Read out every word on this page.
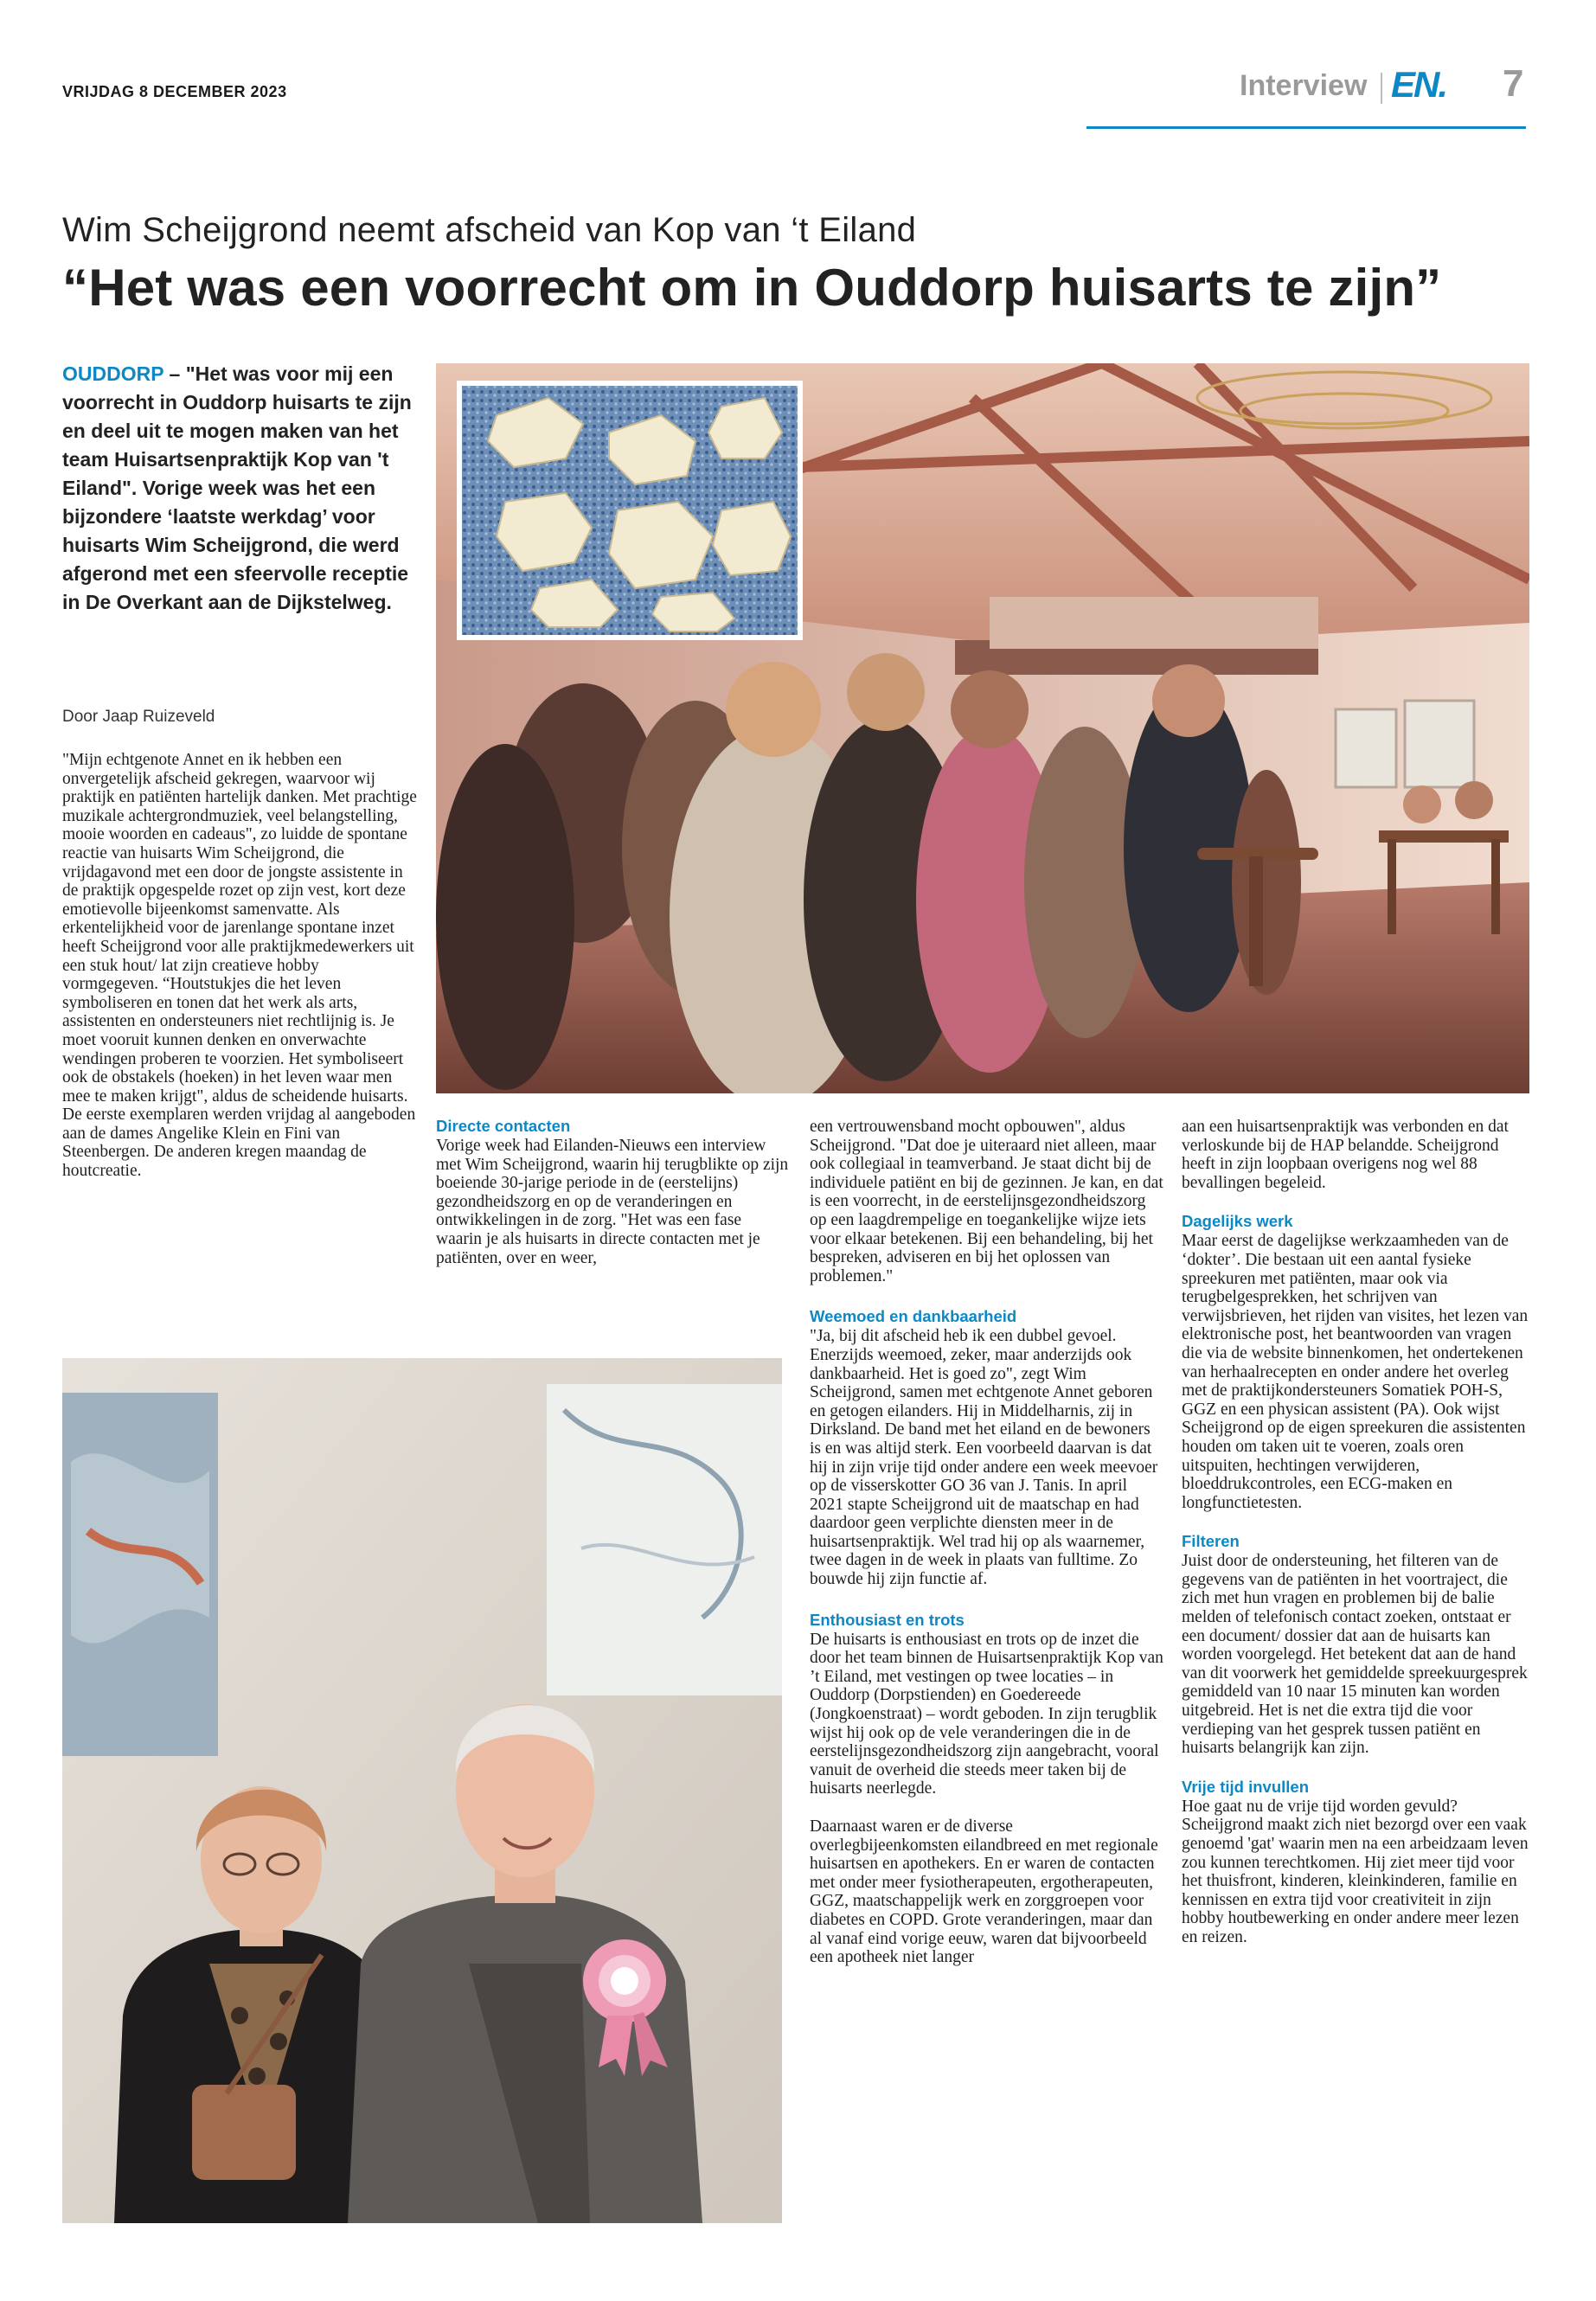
VRIJDAG 8 DECEMBER 2023	Interview EN. 7
Wim Scheijgrond neemt afscheid van Kop van ‘t Eiland
“Het was een voorrecht om in Ouddorp huisarts te zijn”
OUDDORP – "Het was voor mij een voorrecht in Ouddorp huisarts te zijn en deel uit te mogen maken van het team Huisartsenpraktijk Kop van 't Eiland". Vorige week was het een bijzondere ‘laatste werkdag’ voor huisarts Wim Scheijgrond, die werd afgerond met een sfeervolle receptie in De Overkant aan de Dijkstelweg.
Door Jaap Ruizeveld

"Mijn echtgenote Annet en ik hebben een onvergetelijk afscheid gekregen, waarvoor wij praktijk en patiënten hartelijk danken. Met prachtige muzikale achtergrondmuziek, veel belangstelling, mooie woorden en cadeaus", zo luidde de spontane reactie van huisarts Wim Scheijgrond, die vrijdagavond met een door de jongste assistente in de praktijk opgespelde rozet op zijn vest, kort deze emotievolle bijeenkomst samenvatte. Als erkentelijkheid voor de jarenlange spontane inzet heeft Scheijgrond voor alle praktijkmedewerkers uit een stuk hout/ lat zijn creatieve hobby vormgegeven. “Houtstukjes die het leven symboliseren en tonen dat het werk als arts, assistenten en ondersteuners niet rechtlijnig is. Je moet vooruit kunnen denken en onverwachte wendingen proberen te voorzien. Het symboliseert ook de obstakels (hoeken) in het leven waar men mee te maken krijgt", aldus de scheidende huisarts. De eerste exemplaren werden vrijdag al aangeboden aan de dames Angelike Klein en Fini van Steenbergen. De anderen kregen maandag de houtcreatie.

Directe contacten

Vorige week had Eilanden-Nieuws een interview met Wim Scheijgrond, waarin hij terugblikte op zijn boeiende 30-jarige periode in de (eerstelijns) gezondheidszorg en op de veranderingen en ontwikkelingen in de zorg. "Het was een fase waarin je als huisarts in directe contacten met je patiënten, over en weer,

een vertrouwensband mocht opbouwen", aldus Scheijgrond. "Dat doe je uiteraard niet alleen, maar ook collegiaal in teamverband. Je staat dicht bij de individuele patiënt en bij de gezinnen. Je kan, en dat is een voorrecht, in de eerstelijnsgezondheidszorg op een laagdrempelige en toegankelijke wijze iets voor elkaar betekenen. Bij een behandeling, bij het bespreken, adviseren en bij het oplossen van problemen."

Weemoed en dankbaarheid

"Ja, bij dit afscheid heb ik een dubbel gevoel. Enerzijds weemoed, zeker, maar anderzijds ook dankbaarheid. Het is goed zo", zegt Wim Scheijgrond, samen met echtgenote Annet geboren en getogen eilanders. Hij in Middelharnis, zij in Dirksland. De band met het eiland en de bewoners is en was altijd sterk. Een voorbeeld daarvan is dat hij in zijn vrije tijd onder andere een week meevoer op de visserskotter GO 36 van J. Tanis. In april 2021 stapte Scheijgrond uit de maatschap en had daardoor geen verplichte diensten meer in de huisartsenpraktijk. Wel trad hij op als waarnemer, twee dagen in de week in plaats van fulltime. Zo bouwde hij zijn functie af.

Enthousiast en trots

De huisarts is enthousiast en trots op de inzet die door het team binnen de Huisartsenpraktijk Kop van ’t Eiland, met vestingen op twee locaties – in Ouddorp (Dorpstienden) en Goedereede (Jongkoenstraat) – wordt geboden. In zijn terugblik wijst hij ook op de vele veranderingen die in de eerstelijnsgezondheidszorg zijn aangebracht, vooral vanuit de overheid die steeds meer taken bij de huisarts neerlegde.

Daarnaast waren er de diverse overlegbijeenkomsten eilandbreed en met regionale huisartsen en apothekers. En er waren de contacten met onder meer fysiotherapeuten, ergotherapeuten, GGZ, maatschappelijk werk en zorggroepen voor diabetes en COPD. Grote veranderingen, maar dan al vanaf eind vorige eeuw, waren dat bijvoorbeeld een apotheek niet langer

aan een huisartsenpraktijk was verbonden en dat verloskunde bij de HAP belandde. Scheijgrond heeft in zijn loopbaan overigens nog wel 88 bevallingen begeleid.

Dagelijks werk

Maar eerst de dagelijkse werkzaamheden van de ‘dokter’. Die bestaan uit een aantal fysieke spreekuren met patiënten, maar ook via terugbelgesprekken, het schrijven van verwijsbrieven, het rijden van visites, het lezen van elektronische post, het beantwoorden van vragen die via de website binnenkomen, het ondertekenen van herhaalrecepten en onder andere het overleg met de praktijkondersteuners Somatiek POH-S, GGZ en een physican assistent (PA). Ook wijst Scheijgrond op de eigen spreekuren die assistenten houden om taken uit te voeren, zoals oren uitspuiten, hechtingen verwijderen, bloeddrukcontroles, een ECG-maken en longfunctietesten.

Filteren

Juist door de ondersteuning, het filteren van de gegevens van de patiënten in het voortraject, die zich met hun vragen en problemen bij de balie melden of telefonisch contact zoeken, ontstaat er een document/ dossier dat aan de huisarts kan worden voorgelegd. Het betekent dat aan de hand van dit voorwerk het gemiddelde spreekuurgesprek gemiddeld van 10 naar 15 minuten kan worden uitgebreid. Het is net die extra tijd die voor verdieping van het gesprek tussen patiënt en huisarts belangrijk kan zijn.

Vrije tijd invullen

Hoe gaat nu de vrije tijd worden gevuld? Scheijgrond maakt zich niet bezorgd over een vaak genoemd 'gat' waarin men na een arbeidzaam leven zou kunnen terechtkomen. Hij ziet meer tijd voor het thuisfront, kinderen, kleinkinderen, familie en kennissen en extra tijd voor creativiteit in zijn hobby houtbewerking en onder andere meer lezen en reizen.
